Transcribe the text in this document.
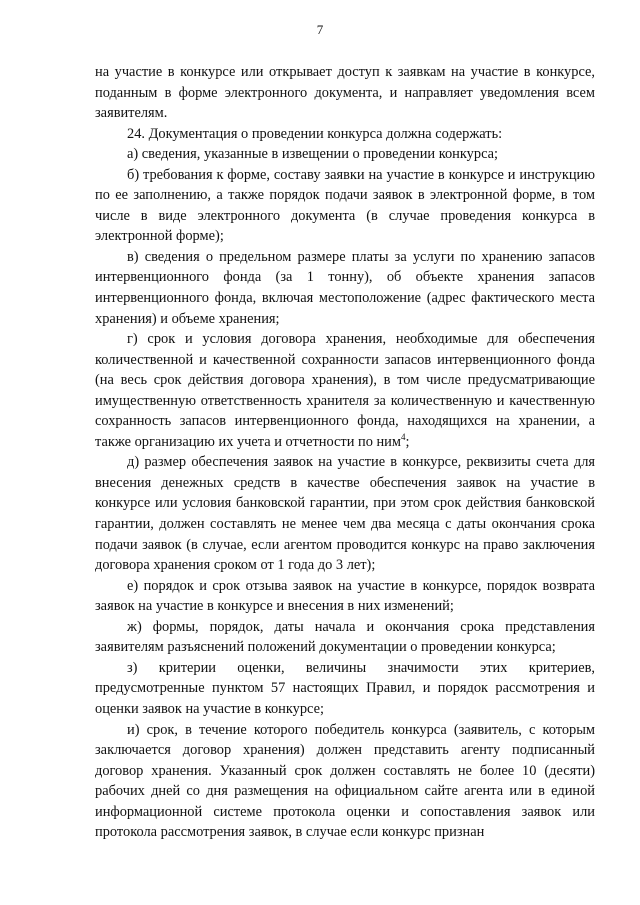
7

на участие в конкурсе или открывает доступ к заявкам на участие в конкурсе, поданным в форме электронного документа, и направляет уведомления всем заявителям.

24. Документация о проведении конкурса должна содержать:

а) сведения, указанные в извещении о проведении конкурса;

б) требования к форме, составу заявки на участие в конкурсе и инструкцию по ее заполнению, а также порядок подачи заявок в электронной форме, в том числе в виде электронного документа (в случае проведения конкурса в электронной форме);

в) сведения о предельном размере платы за услуги по хранению запасов интервенционного фонда (за 1 тонну), об объекте хранения запасов интервенционного фонда, включая местоположение (адрес фактического места хранения) и объеме хранения;

г) срок и условия договора хранения, необходимые для обеспечения количественной и качественной сохранности запасов интервенционного фонда (на весь срок действия договора хранения), в том числе предусматривающие имущественную ответственность хранителя за количественную и качественную сохранность запасов интервенционного фонда, находящихся на хранении, а также организацию их учета и отчетности по ним$^4$;

д) размер обеспечения заявок на участие в конкурсе, реквизиты счета для внесения денежных средств в качестве обеспечения заявок на участие в конкурсе или условия банковской гарантии, при этом срок действия банковской гарантии, должен составлять не менее чем два месяца с даты окончания срока подачи заявок (в случае, если агентом проводится конкурс на право заключения договора хранения сроком от 1 года до 3 лет);

е) порядок и срок отзыва заявок на участие в конкурсе, порядок возврата заявок на участие в конкурсе и внесения в них изменений;

ж) формы, порядок, даты начала и окончания срока представления заявителям разъяснений положений документации о проведении конкурса;

з) критерии оценки, величины значимости этих критериев, предусмотренные пунктом 57 настоящих Правил, и порядок рассмотрения и оценки заявок на участие в конкурсе;

и) срок, в течение которого победитель конкурса (заявитель, с которым заключается договор хранения) должен представить агенту подписанный договор хранения. Указанный срок должен составлять не более 10 (десяти) рабочих дней со дня размещения на официальном сайте агента или в единой информационной системе протокола оценки и сопоставления заявок или протокола рассмотрения заявок, в случае если конкурс признан
